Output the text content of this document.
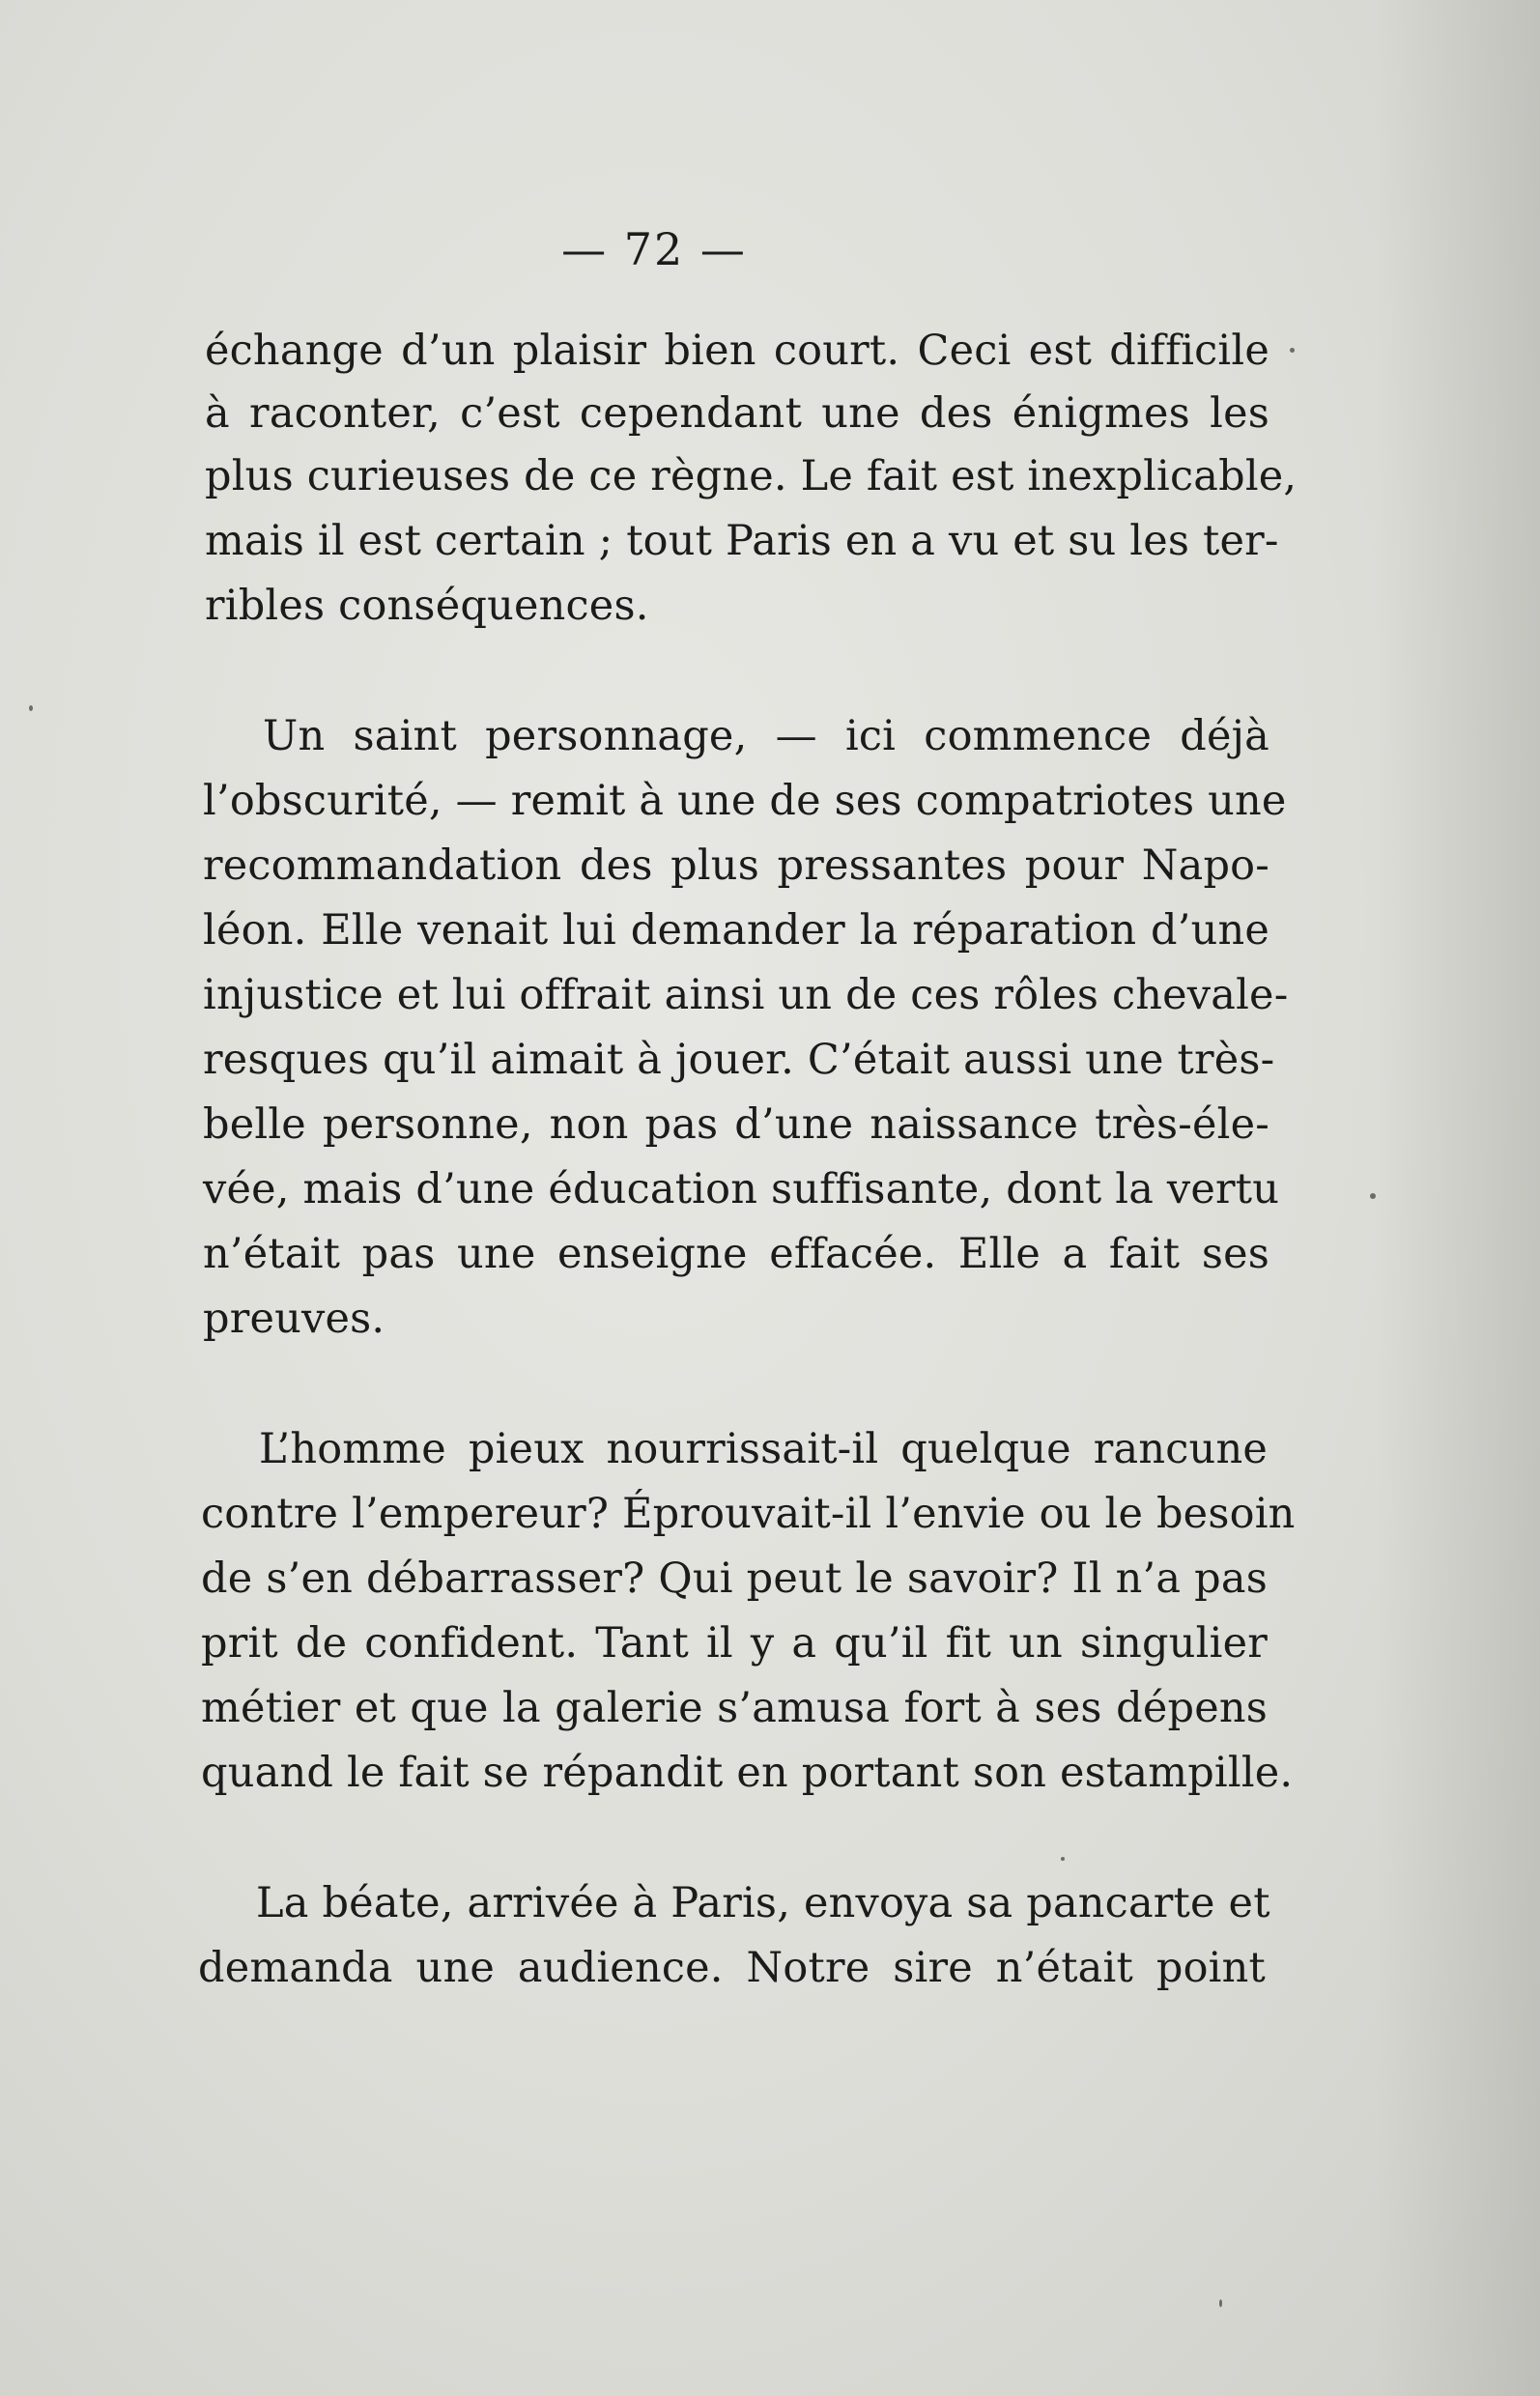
— 72 —
échange d’un plaisir bien court. Ceci est difficile
à raconter, c’est cependant une des énigmes les
plus curieuses de ce règne. Le fait est inexplicable,
mais il est certain ; tout Paris en a vu et su les ter-
ribles conséquences.
Un saint personnage, — ici commence déjà
l’obscurité, — remit à une de ses compatriotes une
recommandation des plus pressantes pour Napo-
léon. Elle venait lui demander la réparation d’une
injustice et lui offrait ainsi un de ces rôles chevale-
resques qu’il aimait à jouer. C’était aussi une très-
belle personne, non pas d’une naissance très-éle-
vée, mais d’une éducation suffisante, dont la vertu
n’était pas une enseigne effacée. Elle a fait ses
preuves.
L’homme pieux nourrissait-il quelque rancune
contre l’empereur? Éprouvait-il l’envie ou le besoin
de s’en débarrasser? Qui peut le savoir? Il n’a pas
prit de confident. Tant il y a qu’il fit un singulier
métier et que la galerie s’amusa fort à ses dépens
quand le fait se répandit en portant son estampille.
La béate, arrivée à Paris, envoya sa pancarte et
demanda une audience. Notre sire n’était point
